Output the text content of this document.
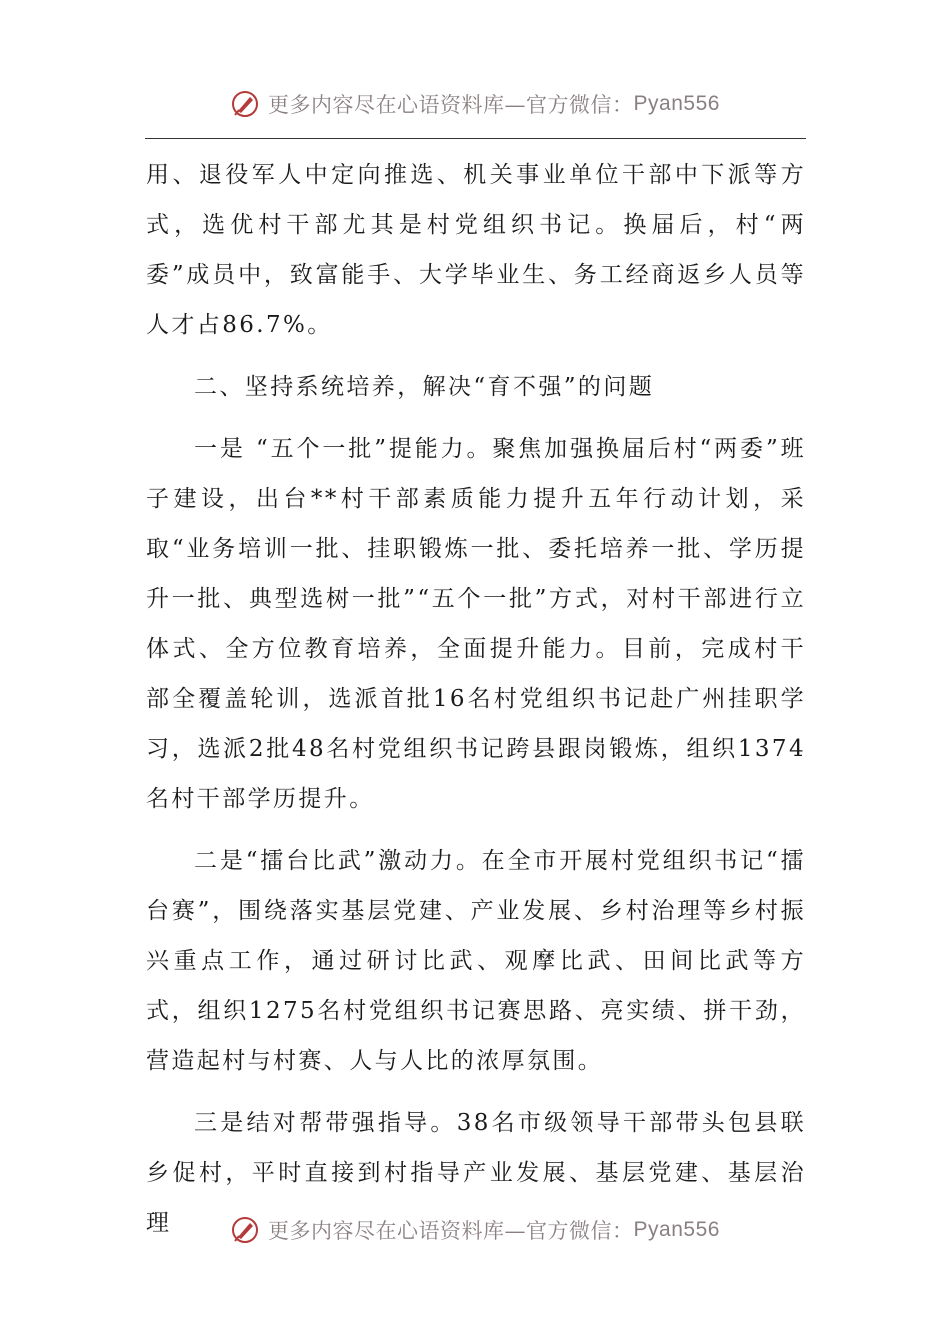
更多内容尽在心语资料库—官方微信： Pyan556

用、退役军人中定向推选、机关事业单位干部中下派等方式，选优村干部尤其是村党组织书记。换届后，村“两委”成员中，致富能手、大学毕业生、务工经商返乡人员等人才占86.7%。

二、坚持系统培养，解决“育不强”的问题

一是 “五个一批”提能力。聚焦加强换届后村“两委”班子建设，出台**村干部素质能力提升五年行动计划，采取“业务培训一批、挂职锻炼一批、委托培养一批、学历提升一批、典型选树一批”“五个一批”方式，对村干部进行立体式、全方位教育培养，全面提升能力。目前，完成村干部全覆盖轮训，选派首批16名村党组织书记赴广州挂职学习，选派2批48名村党组织书记跨县跟岗锻炼，组织1374名村干部学历提升。

二是“擂台比武”激动力。在全市开展村党组织书记“擂台赛”，围绕落实基层党建、产业发展、乡村治理等乡村振兴重点工作，通过研讨比武、观摩比武、田间比武等方式，组织1275名村党组织书记赛思路、亮实绩、拼干劲，营造起村与村赛、人与人比的浓厚氛围。

三是结对帮带强指导。38名市级领导干部带头包县联乡促村，平时直接到村指导产业发展、基层党建、基层治理	更多内容尽在心语资料库—官方微信： Pyan556
